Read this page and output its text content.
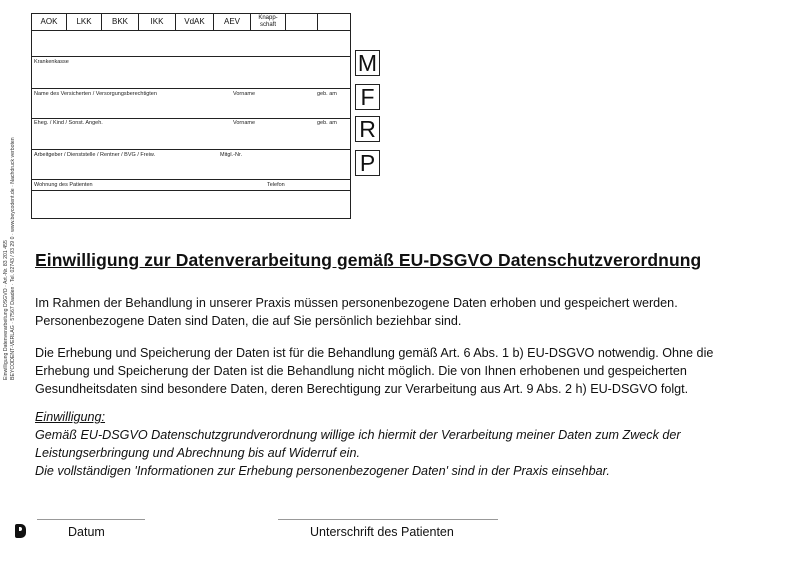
Einwilligung Datenverarbeitung DSGVO · Art.-Nr. 83 201 455 BEYCODENT-VERLAG · 57567 Daaden · Tel. 02743 / 93 29 0 · www.beycodent.de · Nachdruck verboten
AOK	LKK	BKK	IKK	VdAK	AEV	Knapp-
schaft
Krankenkasse
Name des Versicherten / Versorgungsberechtigten	Vorname	geb. am
Eheg. / Kind / Sonst. Angeh.	Vorname	geb. am
Arbeitgeber / Dienststelle / Rentner / BVG / Freiw.	Mitgl.-Nr.
Wohnung des Patienten	Telefon
M
F
R
P
Einwilligung zur Datenverarbeitung gemäß EU-DSGVO Datenschutzverordnung
Im Rahmen der Behandlung in unserer Praxis müssen personenbezogene Daten erhoben und gespeichert werden.
Personenbezogene Daten sind Daten, die auf Sie persönlich beziehbar sind.
Die Erhebung und Speicherung der Daten ist für die Behandlung gemäß Art. 6 Abs. 1 b) EU-DSGVO notwendig. Ohne die
Erhebung und Speicherung der Daten ist die Behandlung nicht möglich. Die von Ihnen erhobenen und gespeicherten
Gesundheitsdaten sind besondere Daten, deren Berechtigung zur Verarbeitung aus Art. 9 Abs. 2 h) EU-DSGVO folgt.
Einwilligung:
Gemäß EU-DSGVO Datenschutzgrundverordnung willige ich hiermit der Verarbeitung meiner Daten zum Zweck der
Leistungserbringung und Abrechnung bis auf Widerruf ein.
Die vollständigen 'Informationen zur Erhebung personenbezogener Daten' sind in der Praxis einsehbar.
Datum	Unterschrift des Patienten
